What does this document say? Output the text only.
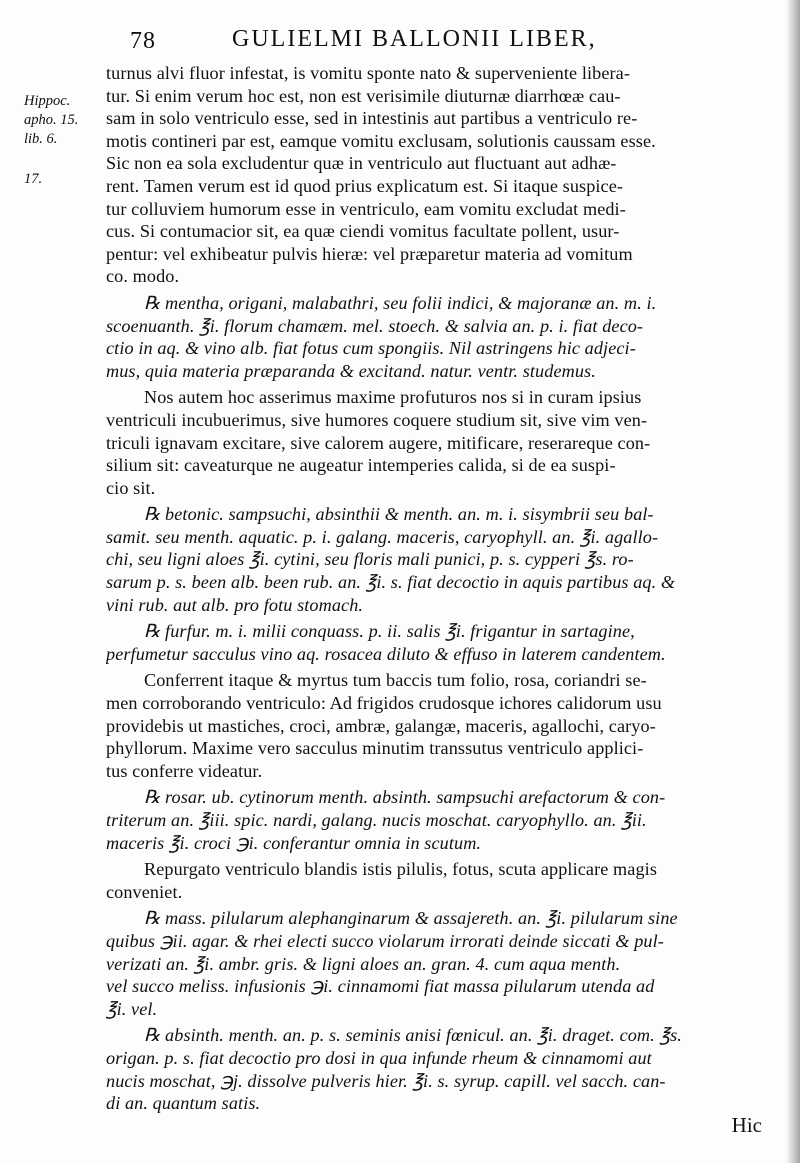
78	GULIELMI BALLONII LIBER,
Hippoc.
apho. 15.
lib. 6.
17.
turnus alvi fluor infestat, is vomitu sponte nato & superveniente libera-
tur. Si enim verum hoc est, non est verisimile diuturnæ diarrhœæ cau-
sam in solo ventriculo esse, sed in intestinis aut partibus a ventriculo re-
motis contineri par est, eamque vomitu exclusam, solutionis caussam esse.
Sic non ea sola excludentur quæ in ventriculo aut fluctuant aut adhæ-
rent. Tamen verum est id quod prius explicatum est. Si itaque suspice-
tur colluviem humorum esse in ventriculo, eam vomitu excludat medi-
cus. Si contumacior sit, ea quæ ciendi vomitus facultate pollent, usur-
pentur: vel exhibeatur pulvis hieræ: vel præparetur materia ad vomitum
co. modo.
℞ mentha, origani, malabathri, seu folii indici, & majoranæ an. m. i.
scoenuanth. ℥i. florum chamæm. mel. stoech. & salvia an. p. i. fiat deco-
ctio in aq. & vino alb. fiat fotus cum spongiis. Nil astringens hic adjeci-
mus, quia materia præparanda & excitand. natur. ventr. studemus.
Nos autem hoc asserimus maxime profuturos nos si in curam ipsius
ventriculi incubuerimus, sive humores coquere studium sit, sive vim ven-
triculi ignavam excitare, sive calorem augere, mitificare, reserareque con-
silium sit: caveaturque ne augeatur intemperies calida, si de ea suspi-
cio sit.
℞ betonic. sampsuchi, absinthii & menth. an. m. i. sisymbrii seu bal-
samit. seu menth. aquatic. p. i. galang. maceris, caryophyll. an. ℥i. agallo-
chi, seu ligni aloes ℥i. cytini, seu floris mali punici, p. s. cypperi ℥s. ro-
sarum p. s. been alb. been rub. an. ℥i. s. fiat decoctio in aquis partibus aq. &
vini rub. aut alb. pro fotu stomach.
℞ furfur. m. i. milii conquass. p. ii. salis ℥i. frigantur in sartagine,
perfumetur sacculus vino aq. rosacea diluto & effuso in laterem candentem.
Conferrent itaque & myrtus tum baccis tum folio, rosa, coriandri se-
men corroborando ventriculo: Ad frigidos crudosque ichores calidorum usu
providebis ut mastiches, croci, ambræ, galangæ, maceris, agallochi, caryo-
phyllorum. Maxime vero sacculus minutim transsutus ventriculo applici-
tus conferre videatur.
℞ rosar. ub. cytinorum menth. absinth. sampsuchi arefactorum & con-
triterum an. ℥iii. spic. nardi, galang. nucis moschat. caryophyllo. an. ℥ii.
maceris ℥i. croci ℈i. conferantur omnia in scutum.
Repurgato ventriculo blandis istis pilulis, fotus, scuta applicare magis
conveniet.
℞ mass. pilularum alephanginarum & assajereth. an. ℥i. pilularum sine
quibus ℈ii. agar. & rhei electi succo violarum irrorati deinde siccati & pul-
verizati an. ℥i. ambr. gris. & ligni aloes an. gran. 4. cum aqua menth.
vel succo meliss. infusionis ℈i. cinnamomi fiat massa pilularum utenda ad
℥i. vel.
℞ absinth. menth. an. p. s. seminis anisi fœnicul. an. ℥i. draget. com. ℥s.
origan. p. s. fiat decoctio pro dosi in qua infunde rheum & cinnamomi aut
nucis moschat, ℈j. dissolve pulveris hier. ℥i. s. syrup. capill. vel sacch. can-
di an. quantum satis.
Hic
